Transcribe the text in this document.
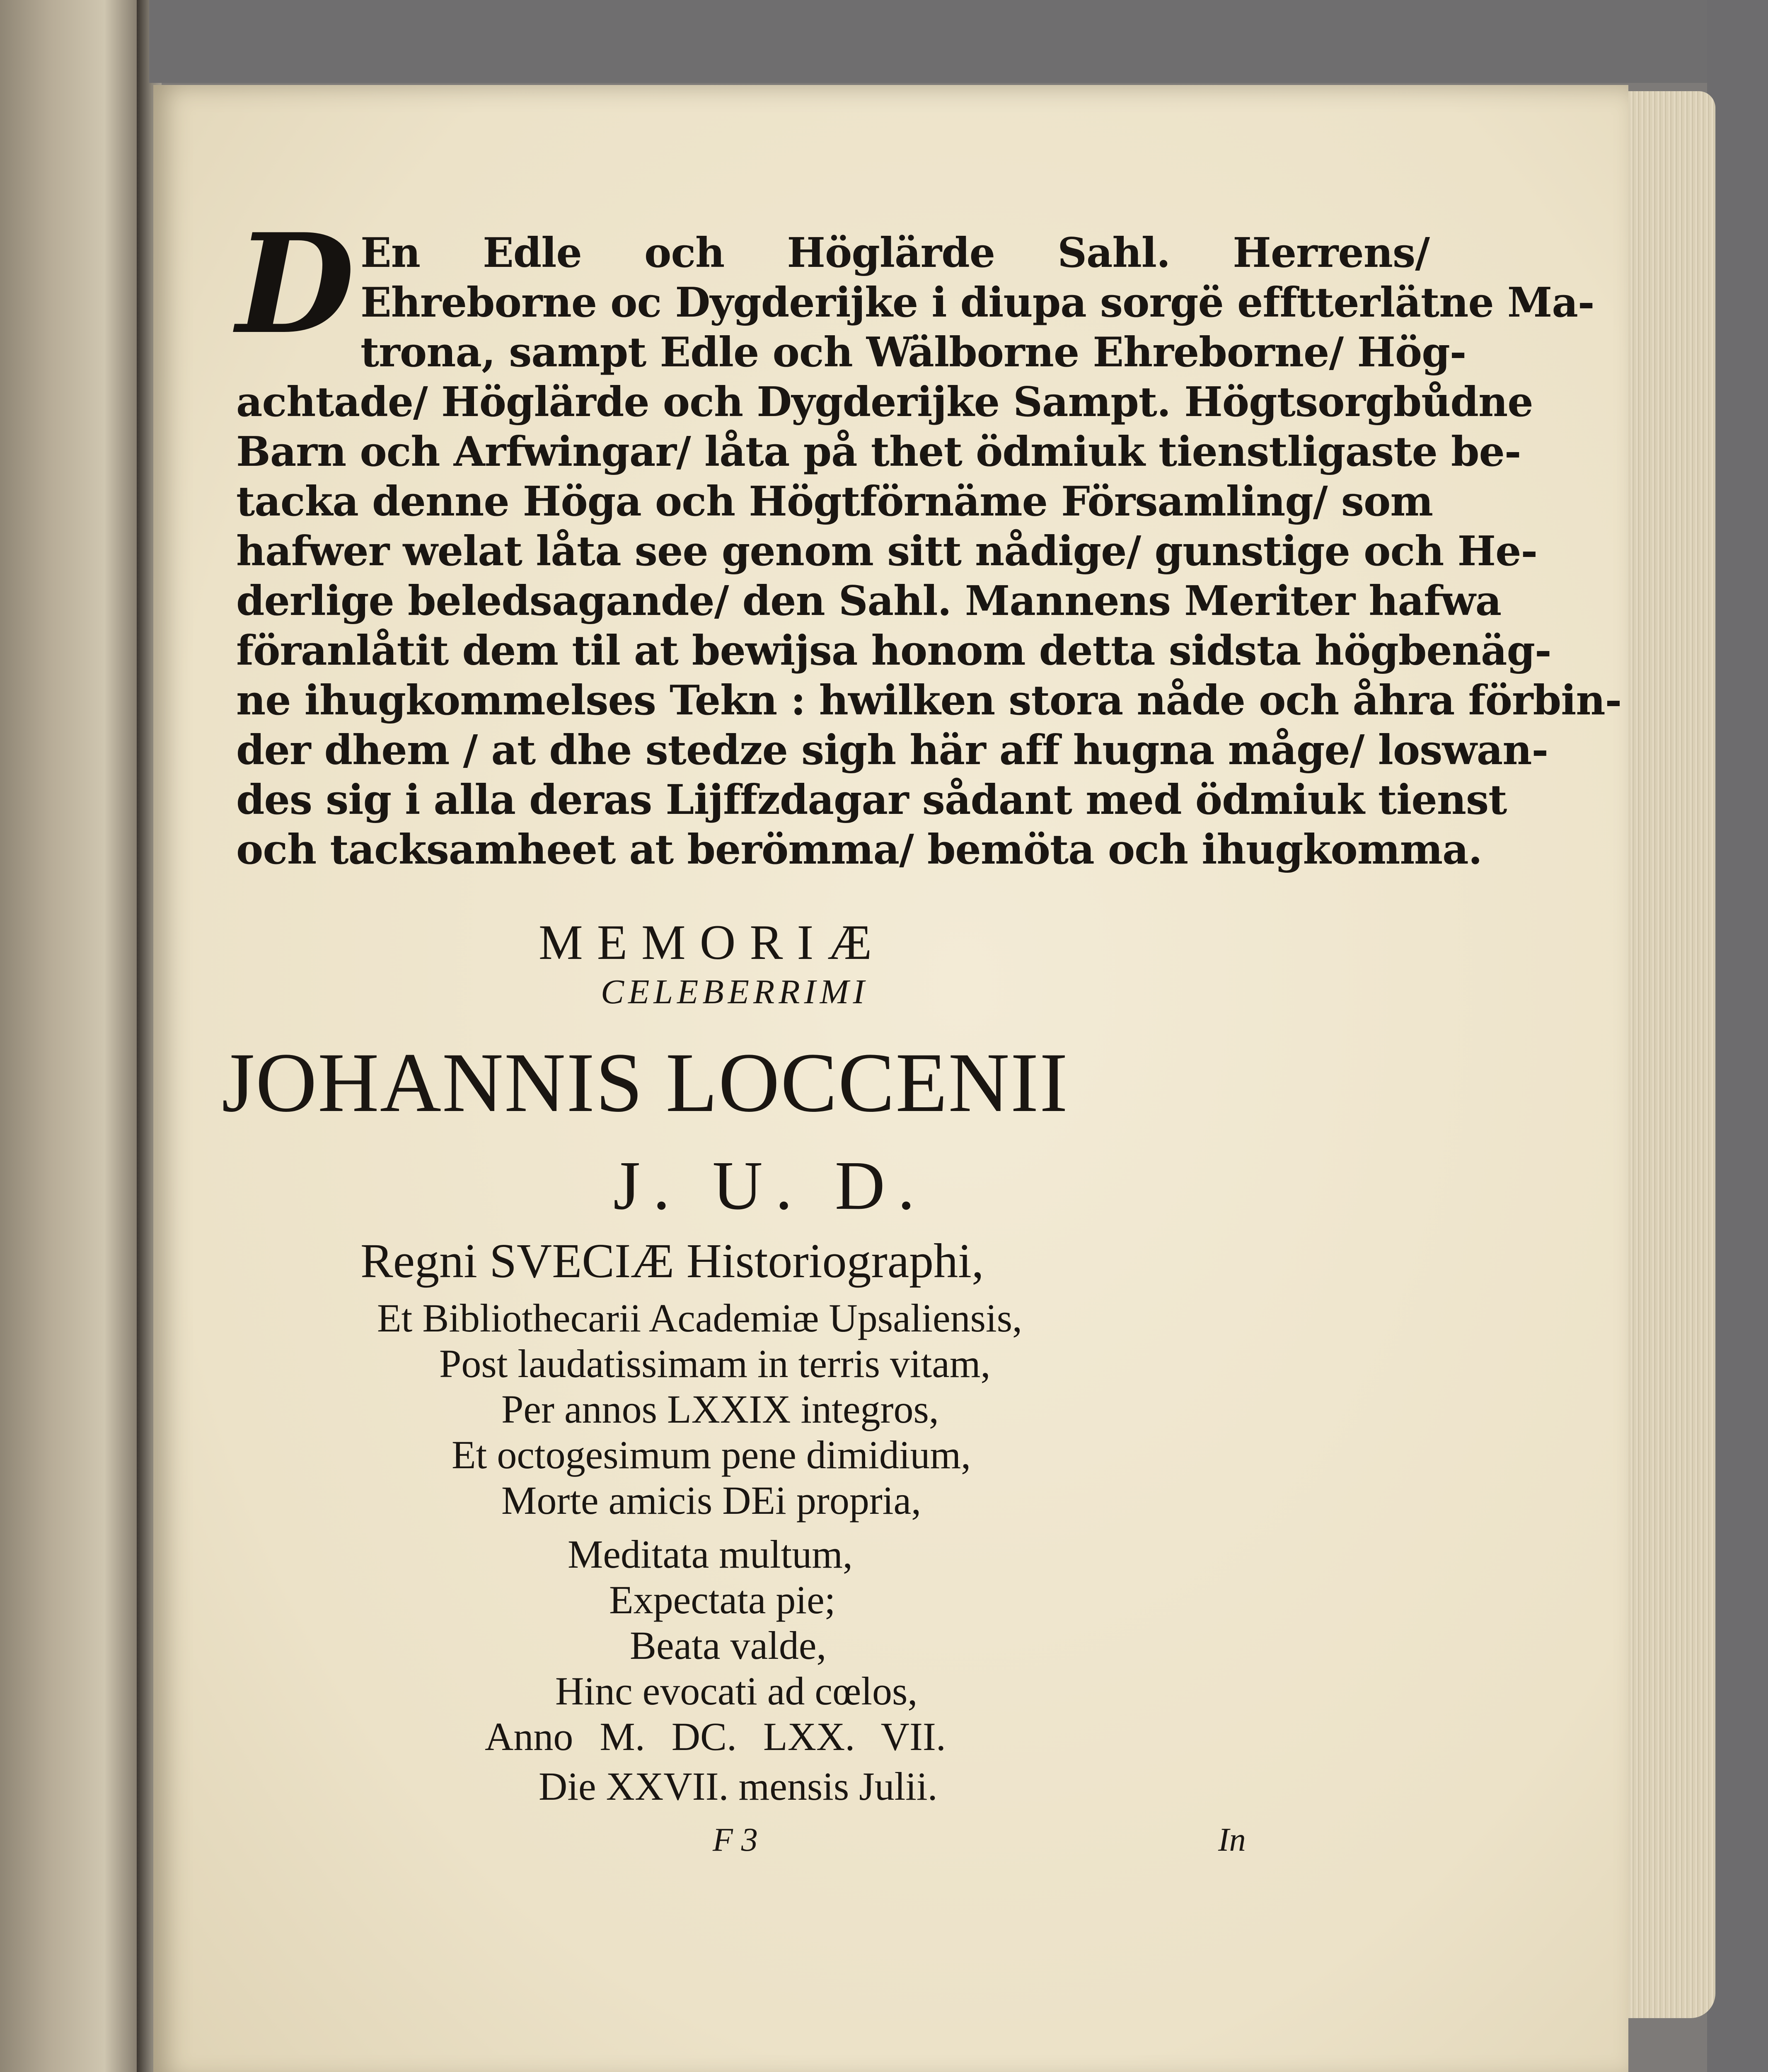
D En Edle och Höglärde Sahl. Herrens/
Ehreborne oc Dygderijke i diupa sorgë efftterlätne Ma-
trona, sampt Edle och Wälborne Ehreborne/ Hög-
achtade/ Höglärde och Dygderijke Sampt. Högtsorgbůdne
Barn och Arfwingar/ låta på thet ödmiuk tienstligaste be-
tacka denne Höga och Högtförnäme Församling/ som
hafwer welat låta see genom sitt nådige/ gunstige och He-
derlige beledsagande/ den Sahl. Mannens Meriter hafwa
föranlåtit dem til at bewijsa honom detta sidsta högbenäg-
ne ihugkommelses Tekn : hwilken stora nåde och åhra förbin-
der dhem / at dhe stedze sigh här aff hugna måge/ loswan-
des sig i alla deras Lijffzdagar sådant med ödmiuk tienst
och tacksamheet at berömma/ bemöta och ihugkomma.
MEMORIÆ
CELEBERRIMI
JOHANNIS LOCCENII
J. U. D.
Regni SVECIÆ Historiographi,
Et Bibliothecarii Academiæ Upsaliensis,
Post laudatissimam in terris vitam,
Per annos LXXIX integros,
Et octogesimum pene dimidium,
Morte amicis DEi propria,
Meditata multum,
Expectata pie;
Beata valde,
Hinc evocati ad cœlos,
Anno M. DC. LXX. VII.
Die XXVII. mensis Julii.
F 3	In
